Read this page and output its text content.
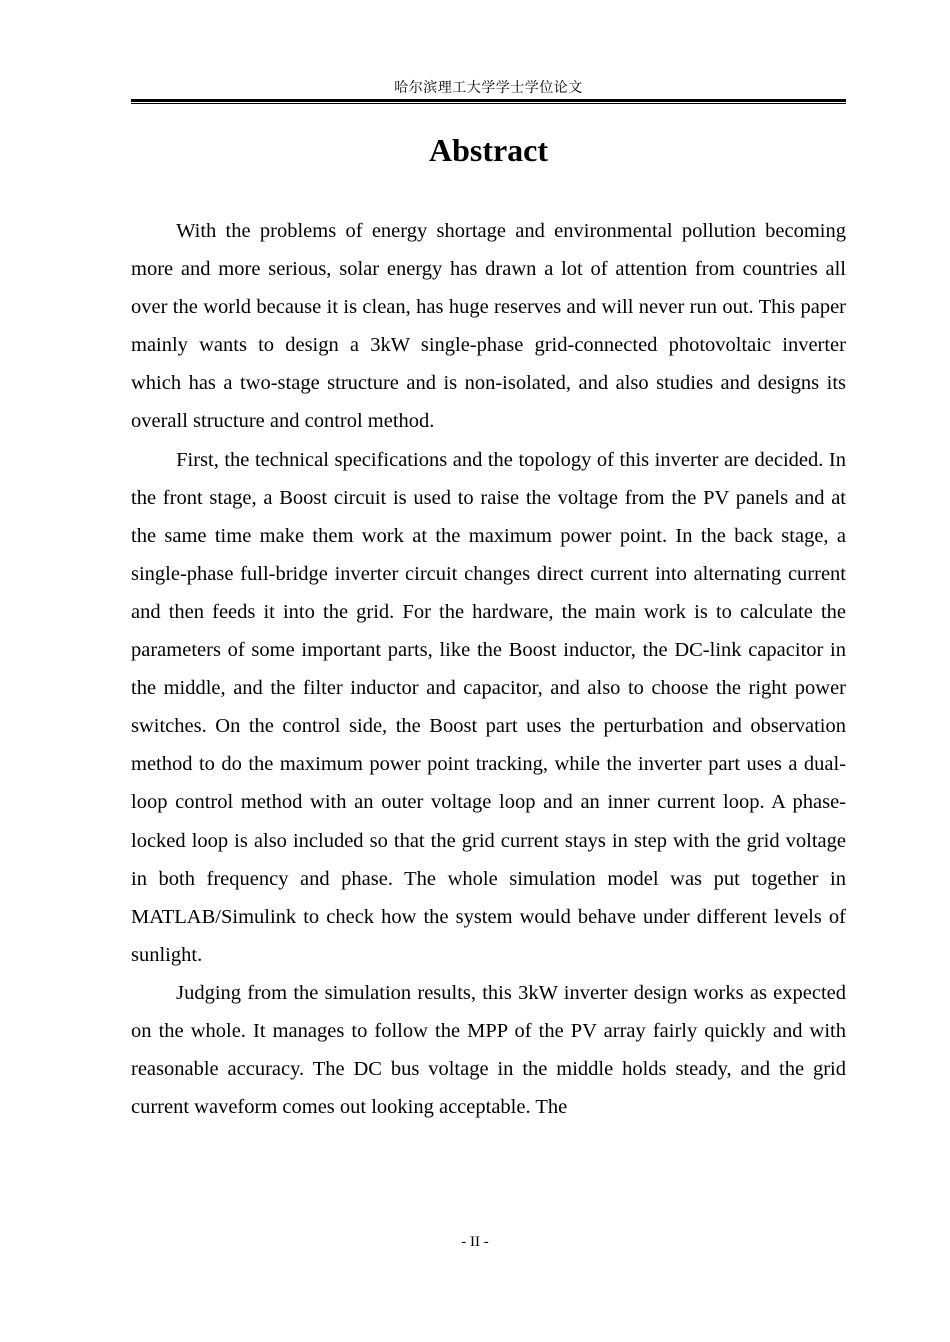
哈尔滨理工大学学士学位论文
Abstract

With the problems of energy shortage and environmental pollution becoming more and more serious, solar energy has drawn a lot of attention from countries all over the world because it is clean, has huge reserves and will never run out. This paper mainly wants to design a 3kW single-phase grid-connected photovoltaic inverter which has a two-stage structure and is non-isolated, and also studies and designs its overall structure and control method.

First, the technical specifications and the topology of this inverter are decided. In the front stage, a Boost circuit is used to raise the voltage from the PV panels and at the same time make them work at the maximum power point. In the back stage, a single-phase full-bridge inverter circuit changes direct current into alternating current and then feeds it into the grid. For the hardware, the main work is to calculate the parameters of some important parts, like the Boost inductor, the DC-link capacitor in the middle, and the filter inductor and capacitor, and also to choose the right power switches. On the control side, the Boost part uses the perturbation and observation method to do the maximum power point tracking, while the inverter part uses a dual-loop control method with an outer voltage loop and an inner current loop. A phase-locked loop is also included so that the grid current stays in step with the grid voltage in both frequency and phase. The whole simulation model was put together in MATLAB/Simulink to check how the system would behave under different levels of sunlight.

Judging from the simulation results, this 3kW inverter design works as expected on the whole. It manages to follow the MPP of the PV array fairly quickly and with reasonable accuracy. The DC bus voltage in the middle holds steady, and the grid current waveform comes out looking acceptable. The

- II -
